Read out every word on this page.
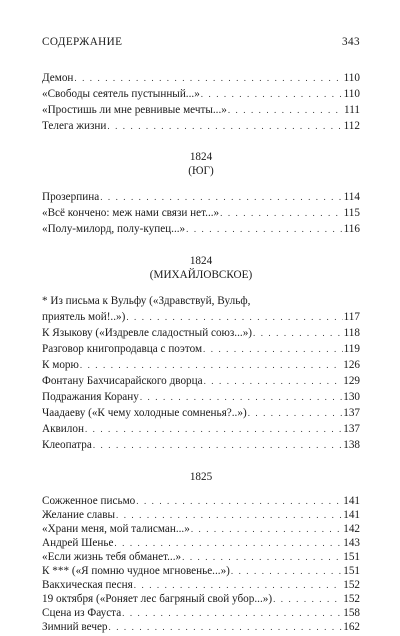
СОДЕРЖАНИЕ	343
Демон . . .	110
«Свободы сеятель пустынный...» . . .	110
«Простишь ли мне ревнивые мечты...» . . .	111
Телега жизни . . .	112
1824
(ЮГ)
Прозерпина . . .	114
«Всё кончено: меж нами связи нет...» . . .	115
«Полу-милорд, полу-купец...» . . .	116
1824
(МИХАЙЛОВСКОЕ)
* Из письма к Вульфу («Здравствуй, Вульф,
приятель мой!..») . . .	117
К Языкову («Издревле сладостный союз...») . . .	118
Разговор книгопродавца с поэтом . . .	119
К морю . . .	126
Фонтану Бахчисарайского дворца . . .	129
Подражания Корану . . .	130
Чаадаеву («К чему холодные сомненья?..») . . .	137
Аквилон . . .	137
Клеопатра . . .	138
1825
Сожженное письмо . . .	141
Желание славы . . .	141
«Храни меня, мой талисман...» . . .	142
Андрей Шенье . . .	143
«Если жизнь тебя обманет...» . . .	151
К *** («Я помню чудное мгновенье...») . . .	151
Вакхическая песня . . .	152
19 октября («Роняет лес багряный свой убор...») . . .	152
Сцена из Фауста . . .	158
Зимний вечер . . .	162
